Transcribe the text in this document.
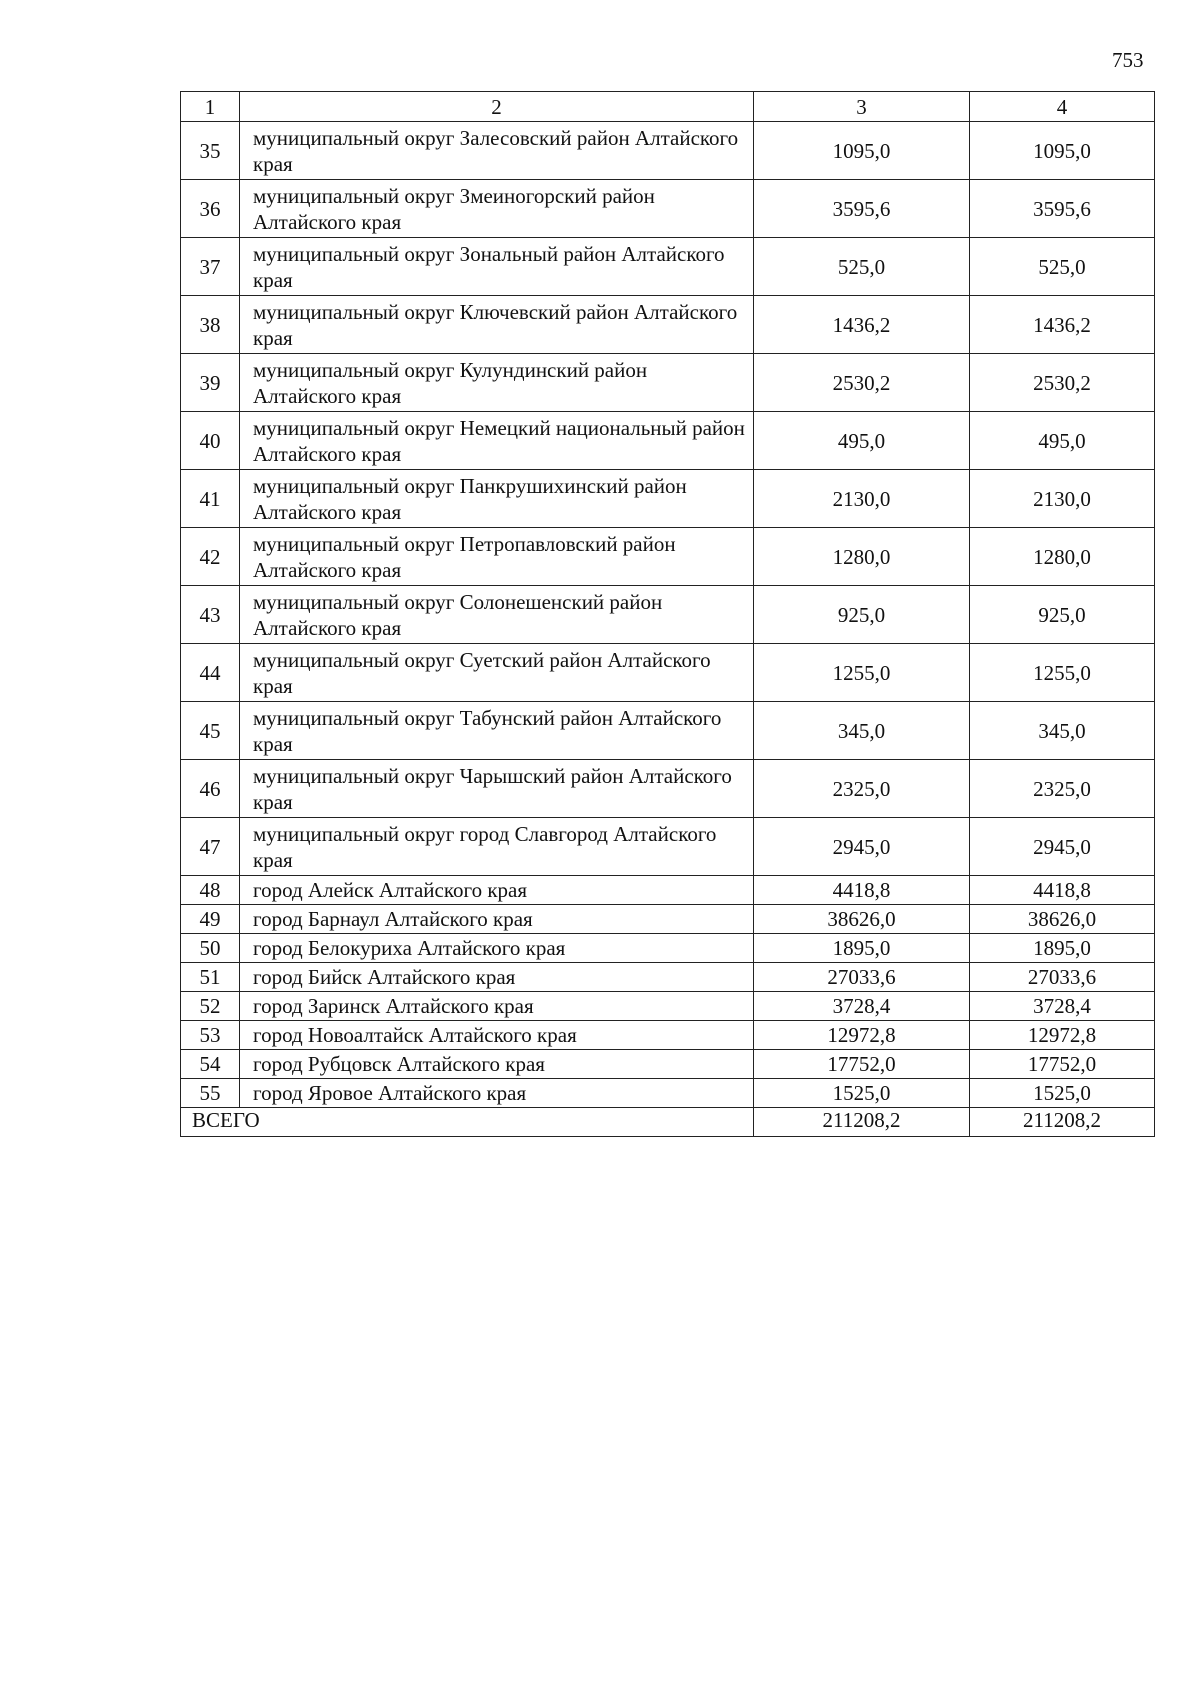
753
1	2	3	4
35	муниципальный округ Залесовский район Алтайского края	1095,0	1095,0
36	муниципальный округ Змеиногорский район Алтайского края	3595,6	3595,6
37	муниципальный округ Зональный район Алтайского края	525,0	525,0
38	муниципальный округ Ключевский район Алтайского края	1436,2	1436,2
39	муниципальный округ Кулундинский район Алтайского края	2530,2	2530,2
40	муниципальный округ Немецкий национальный район Алтайского края	495,0	495,0
41	муниципальный округ Панкрушихинский район Алтайского края	2130,0	2130,0
42	муниципальный округ Петропавловский район Алтайского края	1280,0	1280,0
43	муниципальный округ Солонешенский район Алтайского края	925,0	925,0
44	муниципальный округ Суетский район Алтайского края	1255,0	1255,0
45	муниципальный округ Табунский район Алтайского края	345,0	345,0
46	муниципальный округ Чарышский район Алтайского края	2325,0	2325,0
47	муниципальный округ город Славгород Алтайского края	2945,0	2945,0
48	город Алейск Алтайского края	4418,8	4418,8
49	город Барнаул Алтайского края	38626,0	38626,0
50	город Белокуриха Алтайского края	1895,0	1895,0
51	город Бийск Алтайского края	27033,6	27033,6
52	город Заринск Алтайского края	3728,4	3728,4
53	город Новоалтайск Алтайского края	12972,8	12972,8
54	город Рубцовск Алтайского края	17752,0	17752,0
55	город Яровое Алтайского края	1525,0	1525,0
ВСЕГО		211208,2	211208,2
